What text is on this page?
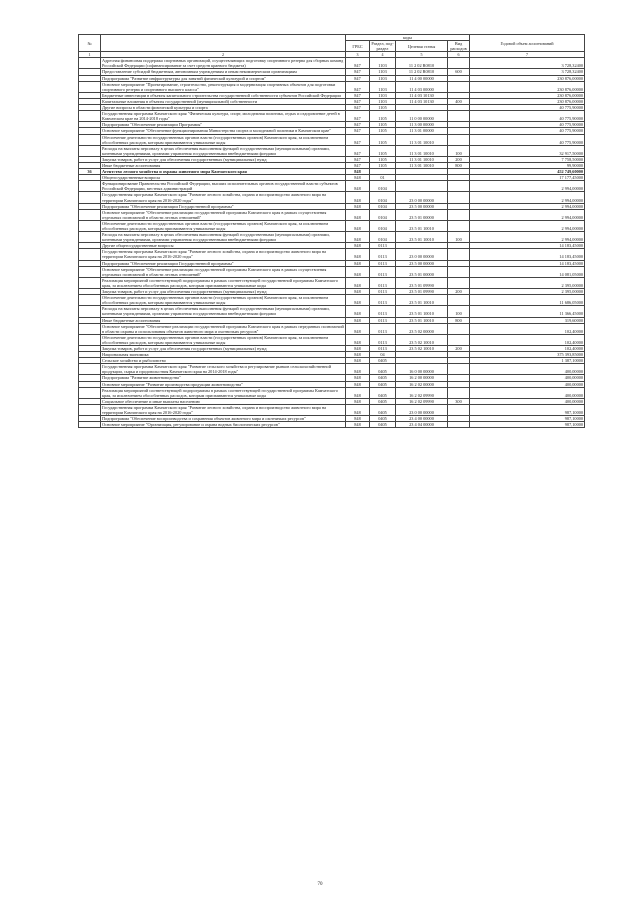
№		коды				Годовой объем ассигнований
		ГРБС	Раздел, под-раздел	Целевая статья	Вид расходов	
1	2	3	4	5	6	7
	Адресная финансовая поддержка спортивных организаций, осуществляющих подготовку спортивного резерва для сборных команд Российской Федерации (софинансирование за счет средств краевого бюджета)	847	1103	11 2 02 R0810		3 728,32400
	Предоставление субсидий бюджетным, автономным учреждениям и иным некоммерческим организациям	847	1103	11 2 02 R0810	600	3 728,32400
	Подпрограмма "Развитие инфраструктуры для занятий физической культурой и спортом"	847	1103	11 4 00 00000		230 876,00000
	Основное мероприятие "Проектирование, строительство, реконструкция и модернизация спортивных объектов для подготовки спортивного резерва и спортивного высшего класса"	847	1103	11 4 03 00000		230 876,00000
	Бюджетные инвестиции в объекты капитального строительства государственной собственности субъектов Российской Федерации	847	1103	11 4 03 10130		230 876,00000
	Капитальные вложения в объекты государственной (муниципальной) собственности	847	1103	11 4 03 10130	400	230 876,00000
	Другие вопросы в области физической культуры и спорта	847	1105			40 775,90000
	Государственная программа Камчатского края "Физическая культура, спорт, молодежная политика, отдых и оздоровление детей в Камчатском крае на 2014-2018 годы"	847	1105	11 0 00 00000		40 775,90000
	Подпрограмма "Обеспечение реализации Программы"	847	1105	11 3 00 00000		40 775,90000
	Основное мероприятие "Обеспечение функционирования Министерства спорта и молодежной политики в Камчатском крае"	847	1105	11 3 01 00000		40 775,90000
	Обеспечение деятельности государственных органов власти (государственных органов) Камчатского края, за исключением обособленных расходов, которым присваиваются уникальные коды	847	1105	11 3 01 10010		40 775,90000
	Расходы на выплаты персоналу в целях обеспечения выполнения функций государственными (муниципальными) органами, казенными учреждениями, органами управления государственными внебюджетными фондами	847	1105	11 3 01 10010	100	32 917,50000
	Закупка товаров, работ и услуг для обеспечения государственных (муниципальных) нужд	847	1105	11 3 01 10010	200	7 758,50000
	Иные бюджетные ассигнования	847	1105	11 3 01 10010	800	99,90000
36	Агентство лесного хозяйства и охраны животного мира Камчатского края	848				452 749,60000
	Общегосударственные вопросы	848	01			17 177,45000
	Функционирование Правительства Российской Федерации, высших исполнительных органов государственной власти субъектов Российской Федерации, местных администраций	848	0104			2 994,00000
	Государственная программа Камчатского края "Развитие лесного хозяйства, охрана и воспроизводство животного мира на территории Камчатского края на 2016-2020 годы"	848	0104	23 0 00 00000		2 994,00000
	Подпрограмма "Обеспечение реализации Государственной программы"	848	0104	23 5 00 00000		2 994,00000
	Основное мероприятие "Обеспечение реализации государственной программы Камчатского края в рамках осуществления отдельных полномочий в области лесных отношений"	848	0104	23 5 01 00000		2 994,00000
	Обеспечение деятельности государственных органов власти (государственных органов) Камчатского края, за исключением обособленных расходов, которым присваиваются уникальные коды	848	0104	23 5 01 10010		2 994,00000
	Расходы на выплаты персоналу в целях обеспечения выполнения функций государственными (муниципальными) органами, казенными учреждениями, органами управления государственными внебюджетными фондами	848	0104	23 5 01 10010	100	2 994,00000
	Другие общегосударственные вопросы	848	0113			14 183,45000
	Государственная программа Камчатского края "Развитие лесного хозяйства, охрана и воспроизводство животного мира на территории Камчатского края на 2016-2020 годы"	848	0113	23 0 00 00000		14 183,45000
	Подпрограмма "Обеспечение реализации Государственной программы"	848	0113	23 5 00 00000		14 183,45000
	Основное мероприятие "Обеспечение реализации государственной программы Камчатского края в рамках осуществления отдельных полномочий в области лесных отношений"	848	0113	23 5 01 00000		14 081,05000
	Реализация мероприятий соответствующей подпрограммы в рамках соответствующей государственной программы Камчатского края, за исключением обособленных расходов, которым присваиваются уникальные коды	848	0113	23 5 01 09990		2 395,00000
	Закупка товаров, работ и услуг для обеспечения государственных (муниципальных) нужд	848	0113	23 5 01 09990	200	2 395,00000
	Обеспечение деятельности государственных органов власти (государственных органов) Камчатского края, за исключением обособленных расходов, которым присваиваются уникальные коды	848	0113	23 5 01 10010		11 686,05000
	Расходы на выплаты персоналу в целях обеспечения выполнения функций государственными (муниципальными) органами, казенными учреждениями, органами управления государственными внебюджетными фондами	848	0113	23 5 01 10010	100	11 366,45000
	Иные бюджетные ассигнования	848	0113	23 5 01 10010	800	319,60000
	Основное мероприятие "Обеспечение реализации государственной программы Камчатского края в рамках переданных полномочий в области охраны и использования объектов животного мира и охотничьих ресурсов"	848	0113	23 5 02 00000		102,40000
	Обеспечение деятельности государственных органов власти (государственных органов) Камчатского края, за исключением обособленных расходов, которым присваиваются уникальные коды	848	0113	23 5 02 10010		102,40000
	Закупка товаров, работ и услуг для обеспечения государственных (муниципальных) нужд	848	0113	23 5 02 10010	200	102,40000
	Национальная экономика	848	04			375 393,85000
	Сельское хозяйство и рыболовство	848	0405			1 387,10000
	Государственная программа Камчатского края "Развитие сельского хозяйства и регулирование рынков сельскохозяйственной продукции, сырья и продовольствия Камчатского края на 2014-2018 годы"	848	0405	16 0 00 00000		400,00000
	Подпрограмма "Развитие животноводства"	848	0405	16 2 00 00000		400,00000
	Основное мероприятие "Развитие производства продукции животноводства"	848	0405	16 2 02 00000		400,00000
	Реализация мероприятий соответствующей подпрограммы в рамках соответствующей государственной программы Камчатского края, за исключением обособленных расходов, которым присваиваются уникальные коды	848	0405	16 2 02 09990		400,00000
	Социальное обеспечение и иные выплаты населению	848	0405	16 2 02 09990	300	400,00000
	Государственная программа Камчатского края "Развитие лесного хозяйства, охрана и воспроизводство животного мира на территории Камчатского края на 2016-2020 годы"	848	0405	23 0 00 00000		987,10000
	Подпрограмма "Обеспечение воспроизводства и сохранения объектов животного мира и охотничьих ресурсов"	848	0405	23 4 00 00000		987,10000
	Основное мероприятие "Организация, регулирование и охрана водных биологических ресурсов"	848	0405	23 4 04 00000		987,10000
70
